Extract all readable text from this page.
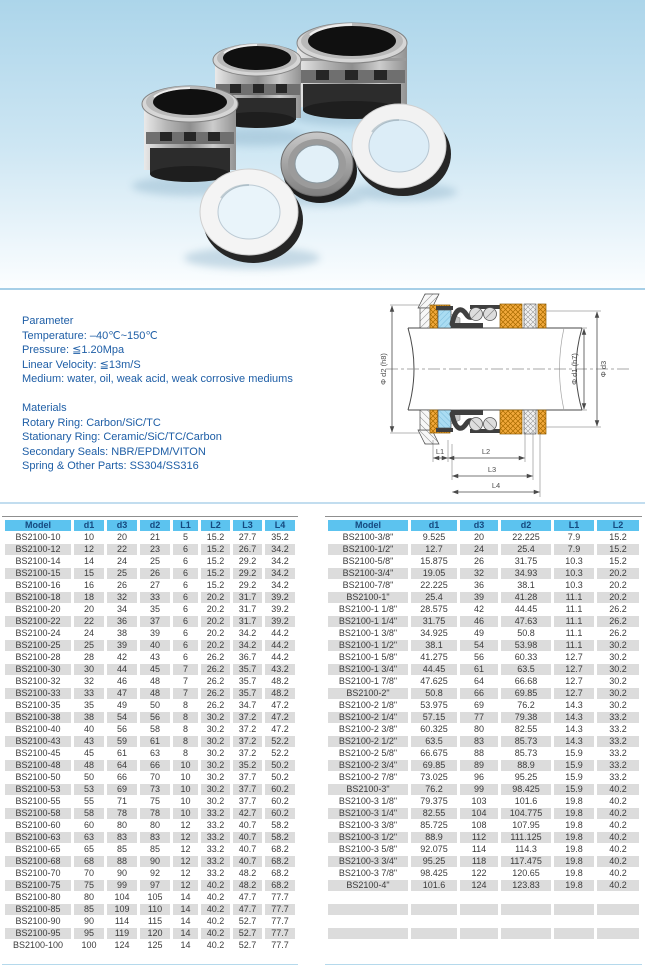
Parameter
Temperature: –40℃~150℃
Pressure: ≦1.20Mpa
Linear Velocity: ≦13m/S
Medium: water, oil, weak acid, weak corrosive mediums
Materials
Rotary Ring: Carbon/SiC/TC
Stationary Ring: Ceramic/SiC/TC/Carbon
Secondary Seals: NBR/EPDM/VITON
Spring & Other Parts: SS304/SS316
Φ d2 (h8)	Φ d1 (h7)	Φ d3
L1	L2
L3
L4
Model	d1	d3	d2	L1	L2	L3	L4
BS2100-10	10	20	21	5	15.2	27.7	35.2
BS2100-12	12	22	23	6	15.2	26.7	34.2
BS2100-14	14	24	25	6	15.2	29.2	34.2
BS2100-15	15	25	26	6	15.2	29.2	34.2
BS2100-16	16	26	27	6	15.2	29.2	34.2
BS2100-18	18	32	33	6	20.2	31.7	39.2
BS2100-20	20	34	35	6	20.2	31.7	39.2
BS2100-22	22	36	37	6	20.2	31.7	39.2
BS2100-24	24	38	39	6	20.2	34.2	44.2
BS2100-25	25	39	40	6	20.2	34.2	44.2
BS2100-28	28	42	43	6	26.2	36.7	44.2
BS2100-30	30	44	45	7	26.2	35.7	43.2
BS2100-32	32	46	48	7	26.2	35.7	48.2
BS2100-33	33	47	48	7	26.2	35.7	48.2
BS2100-35	35	49	50	8	26.2	34.7	47.2
BS2100-38	38	54	56	8	30.2	37.2	47.2
BS2100-40	40	56	58	8	30.2	37.2	47.2
BS2100-43	43	59	61	8	30.2	37.2	52.2
BS2100-45	45	61	63	8	30.2	37.2	52.2
BS2100-48	48	64	66	10	30.2	35.2	50.2
BS2100-50	50	66	70	10	30.2	37.7	50.2
BS2100-53	53	69	73	10	30.2	37.7	60.2
BS2100-55	55	71	75	10	30.2	37.7	60.2
BS2100-58	58	78	78	10	33.2	42.7	60.2
BS2100-60	60	80	80	12	33.2	40.7	58.2
BS2100-63	63	83	83	12	33.2	40.7	58.2
BS2100-65	65	85	85	12	33.2	40.7	68.2
BS2100-68	68	88	90	12	33.2	40.7	68.2
BS2100-70	70	90	92	12	33.2	48.2	68.2
BS2100-75	75	99	97	12	40.2	48.2	68.2
BS2100-80	80	104	105	14	40.2	47.7	77.7
BS2100-85	85	109	110	14	40.2	47.7	77.7
BS2100-90	90	114	115	14	40.2	52.7	77.7
BS2100-95	95	119	120	14	40.2	52.7	77.7
BS2100-100	100	124	125	14	40.2	52.7	77.7
Model	d1	d3	d2	L1	L2
BS2100-3/8"	9.525	20	22.225	7.9	15.2
BS2100-1/2"	12.7	24	25.4	7.9	15.2
BS2100-5/8"	15.875	26	31.75	10.3	15.2
BS2100-3/4"	19.05	32	34.93	10.3	20.2
BS2100-7/8"	22.225	36	38.1	10.3	20.2
BS2100-1"	25.4	39	41.28	11.1	20.2
BS2100-1 1/8"	28.575	42	44.45	11.1	26.2
BS2100-1 1/4"	31.75	46	47.63	11.1	26.2
BS2100-1 3/8"	34.925	49	50.8	11.1	26.2
BS2100-1 1/2"	38.1	54	53.98	11.1	30.2
BS2100-1 5/8"	41.275	56	60.33	12.7	30.2
BS2100-1 3/4"	44.45	61	63.5	12.7	30.2
BS2100-1 7/8"	47.625	64	66.68	12.7	30.2
BS2100-2"	50.8	66	69.85	12.7	30.2
BS2100-2 1/8"	53.975	69	76.2	14.3	30.2
BS2100-2 1/4"	57.15	77	79.38	14.3	33.2
BS2100-2 3/8"	60.325	80	82.55	14.3	33.2
BS2100-2 1/2"	63.5	83	85.73	14.3	33.2
BS2100-2 5/8"	66.675	88	85.73	15.9	33.2
BS2100-2 3/4"	69.85	89	88.9	15.9	33.2
BS2100-2 7/8"	73.025	96	95.25	15.9	33.2
BS2100-3"	76.2	99	98.425	15.9	40.2
BS2100-3 1/8"	79.375	103	101.6	19.8	40.2
BS2100-3 1/4"	82.55	104	104.775	19.8	40.2
BS2100-3 3/8"	85.725	108	107.95	19.8	40.2
BS2100-3 1/2"	88.9	112	111.125	19.8	40.2
BS2100-3 5/8"	92.075	114	114.3	19.8	40.2
BS2100-3 3/4"	95.25	118	117.475	19.8	40.2
BS2100-3 7/8"	98.425	122	120.65	19.8	40.2
BS2100-4"	101.6	124	123.83	19.8	40.2
